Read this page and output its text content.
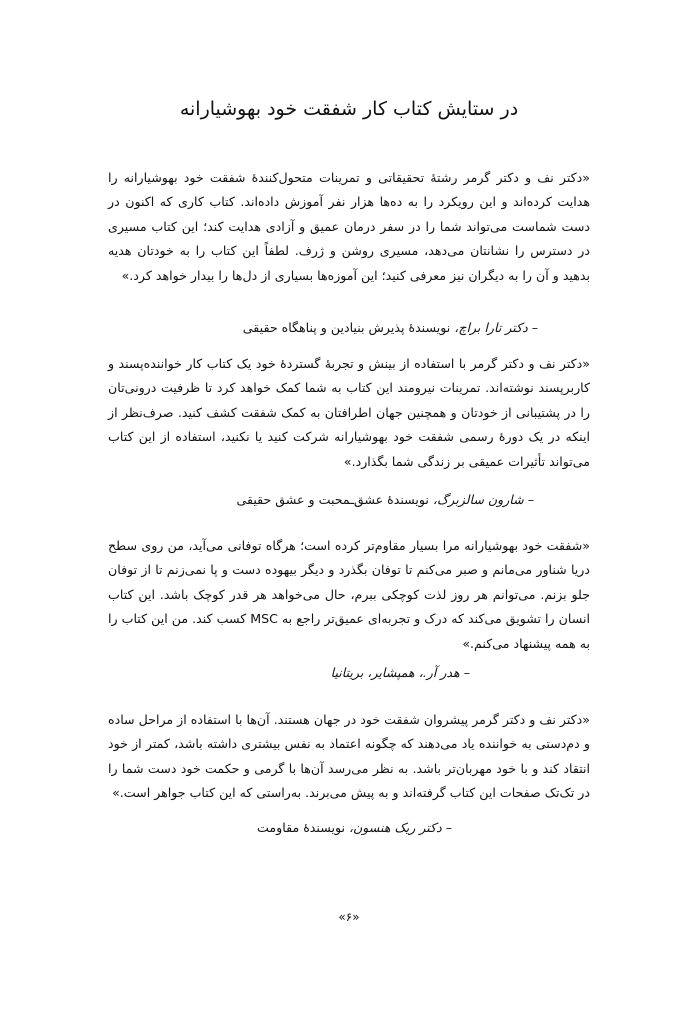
در ستایش کتاب کار شفقت خود بهوشیارانه

«دکتر نف و دکتر گرمر رشتهٔ تحقیقاتی و تمرینات متحول‌کنندهٔ شفقت خود بهوشیارانه را هدایت کرده‌اند و این رویکرد را به ده‌ها هزار نفر آموزش داده‌اند. کتاب کاری که اکنون در دست شماست می‌تواند شما را در سفر درمان عمیق و آزادی هدایت کند؛ این کتاب مسیری در دسترس را نشانتان می‌دهد، مسیری روشن و ژرف. لطفاً این کتاب را به خودتان هدیه بدهید و آن را به دیگران نیز معرفی کنید؛ این آموزه‌ها بسیاری از دل‌ها را بیدار خواهد کرد.»

– دکتر تارا براچ، نویسندهٔ پذیرش بنیادین و پناهگاه حقیقی

«دکتر نف و دکتر گرمر با استفاده از بینش و تجربهٔ گستردهٔ خود یک کتاب کار خواننده‌پسند و کاربرپسند نوشته‌اند. تمرینات نیرومند این کتاب به شما کمک خواهد کرد تا ظرفیت درونی‌تان را در پشتیبانی از خودتان و همچنین جهان اطرافتان به کمک شفقت کشف کنید. صرف‌نظر از اینکه در یک دورهٔ رسمی شفقت خود بهوشیارانه شرکت کنید یا نکنید، استفاده از این کتاب می‌تواند تأثیرات عمیقی بر زندگی شما بگذارد.»

– شارون سالزبرگ، نویسندهٔ عشق‌ـمحبت و عشق حقیقی

«شفقت خود بهوشیارانه مرا بسیار مقاوم‌تر کرده است؛ هرگاه توفانی می‌آید، من روی سطح دریا شناور می‌مانم و صبر می‌کنم تا توفان بگذرد و دیگر بیهوده دست و پا نمی‌زنم تا از توفان جلو بزنم. می‌توانم هر روز لذت کوچکی ببرم، حال می‌خواهد هر قدر کوچک باشد. این کتاب انسان را تشویق می‌کند که درک و تجربه‌ای عمیق‌تر راجع به MSC کسب کند. من این کتاب را به همه پیشنهاد می‌کنم.»

– هدر آر.، همپشایر، بریتانیا

«دکتر نف و دکتر گرمر پیشروان شفقت خود در جهان هستند. آن‌ها با استفاده از مراحل ساده و دم‌دستی به خواننده یاد می‌دهند که چگونه اعتماد به نفس بیشتری داشته باشد، کمتر از خود انتقاد کند و با خود مهربان‌تر باشد. به نظر می‌رسد آن‌ها با گرمی و حکمت خود دست شما را در تک‌تک صفحات این کتاب گرفته‌اند و به پیش می‌برند. به‌راستی که این کتاب جواهر است.»

– دکتر ریک هنسون، نویسندهٔ مقاومت
«۶»
